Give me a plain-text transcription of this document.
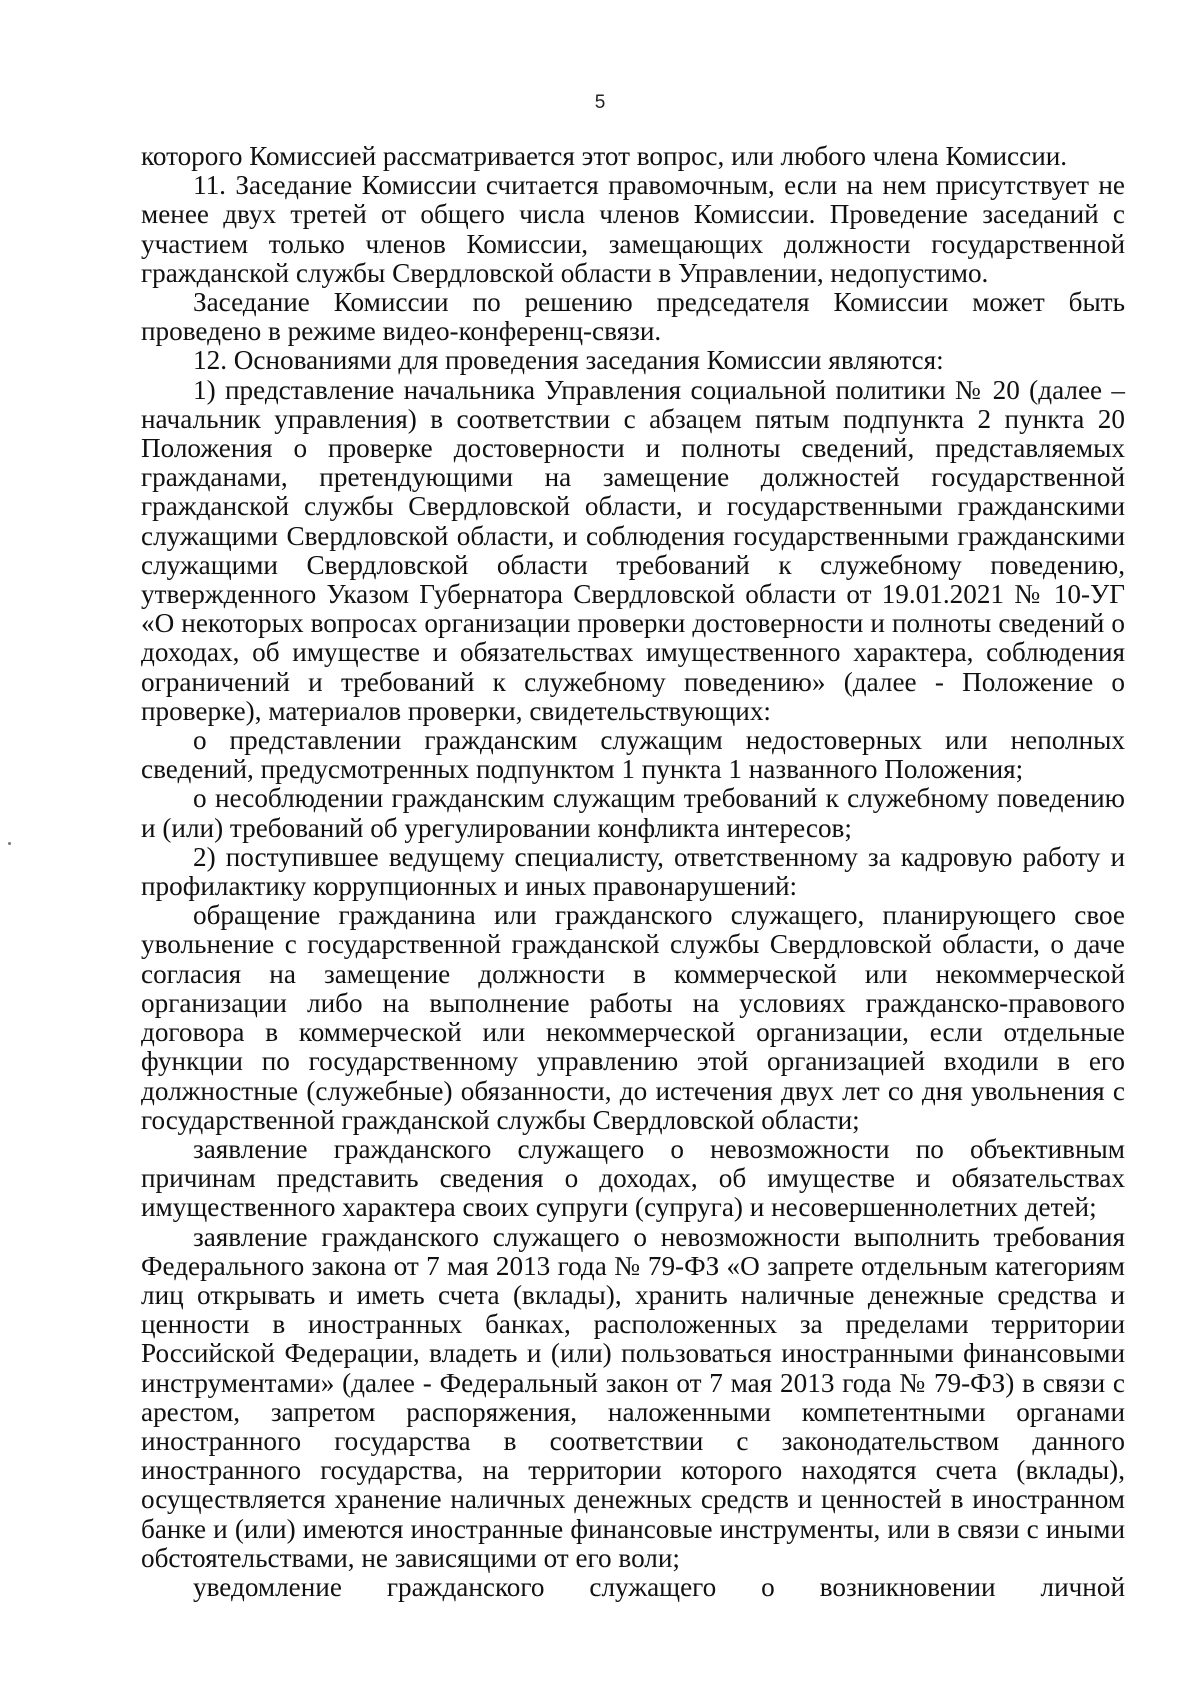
5

которого Комиссией рассматривается этот вопрос, или любого члена Комиссии.

11. Заседание Комиссии считается правомочным, если на нем присутствует не менее двух третей от общего числа членов Комиссии. Проведение заседаний с участием только членов Комиссии, замещающих должности государственной гражданской службы Свердловской области в Управлении, недопустимо.

Заседание Комиссии по решению председателя Комиссии может быть проведено в режиме видео-конференц-связи.

12. Основаниями для проведения заседания Комиссии являются:

1) представление начальника Управления социальной политики № 20 (далее – начальник управления) в соответствии с абзацем пятым подпункта 2 пункта 20 Положения о проверке достоверности и полноты сведений, представляемых гражданами, претендующими на замещение должностей государственной гражданской службы Свердловской области, и государственными гражданскими служащими Свердловской области, и соблюдения государственными гражданскими служащими Свердловской области требований к служебному поведению, утвержденного Указом Губернатора Свердловской области от 19.01.2021 № 10-УГ «О некоторых вопросах организации проверки достоверности и полноты сведений о доходах, об имуществе и обязательствах имущественного характера, соблюдения ограничений и требований к служебному поведению» (далее - Положение о проверке), материалов проверки, свидетельствующих:

о представлении гражданским служащим недостоверных или неполных сведений, предусмотренных подпунктом 1 пункта 1 названного Положения;

о несоблюдении гражданским служащим требований к служебному поведению и (или) требований об урегулировании конфликта интересов;

2) поступившее ведущему специалисту, ответственному за кадровую работу и профилактику коррупционных и иных правонарушений:

обращение гражданина или гражданского служащего, планирующего свое увольнение с государственной гражданской службы Свердловской области, о даче согласия на замещение должности в коммерческой или некоммерческой организации либо на выполнение работы на условиях гражданско-правового договора в коммерческой или некоммерческой организации, если отдельные функции по государственному управлению этой организацией входили в его должностные (служебные) обязанности, до истечения двух лет со дня увольнения с государственной гражданской службы Свердловской области;

заявление гражданского служащего о невозможности по объективным причинам представить сведения о доходах, об имуществе и обязательствах имущественного характера своих супруги (супруга) и несовершеннолетних детей;

заявление гражданского служащего о невозможности выполнить требования Федерального закона от 7 мая 2013 года № 79-ФЗ «О запрете отдельным категориям лиц открывать и иметь счета (вклады), хранить наличные денежные средства и ценности в иностранных банках, расположенных за пределами территории Российской Федерации, владеть и (или) пользоваться иностранными финансовыми инструментами» (далее - Федеральный закон от 7 мая 2013 года № 79-ФЗ) в связи с арестом, запретом распоряжения, наложенными компетентными органами иностранного государства в соответствии с законодательством данного иностранного государства, на территории которого находятся счета (вклады), осуществляется хранение наличных денежных средств и ценностей в иностранном банке и (или) имеются иностранные финансовые инструменты, или в связи с иными обстоятельствами, не зависящими от его воли;

уведомление гражданского служащего о возникновении личной
